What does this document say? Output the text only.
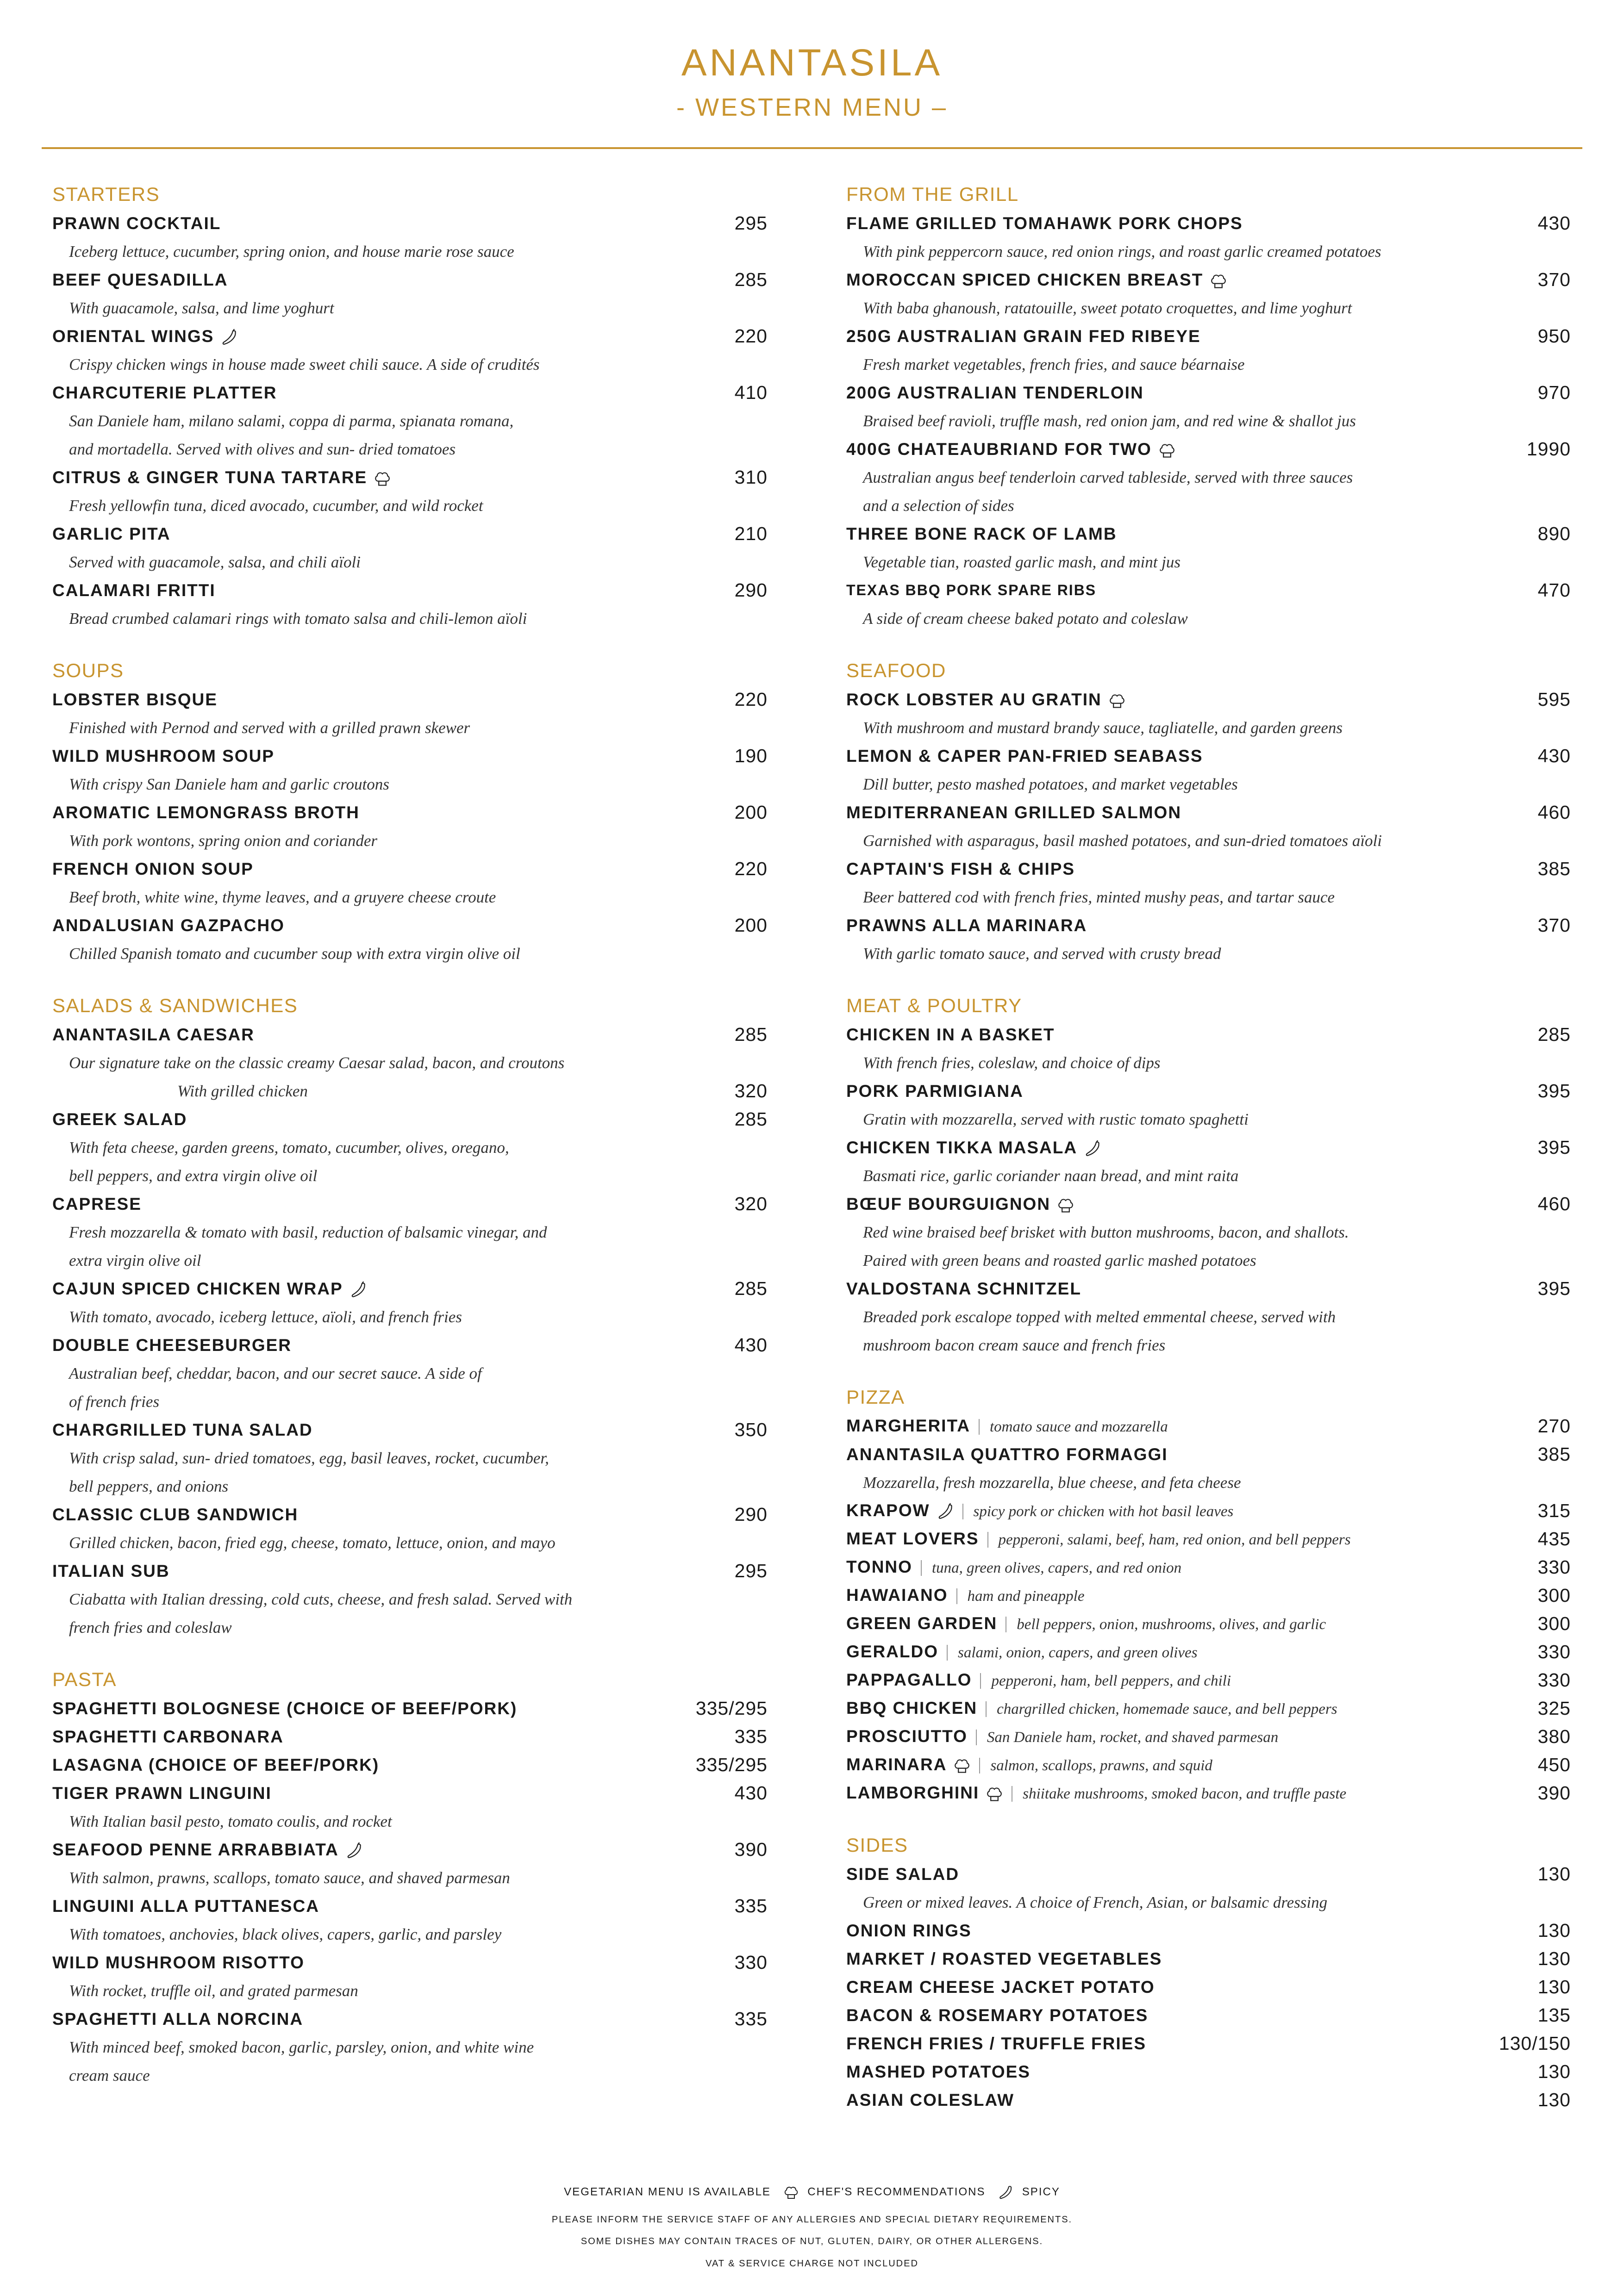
ANANTASILA
- WESTERN MENU –
STARTERS
PRAWN COCKTAIL	295
Iceberg lettuce, cucumber, spring onion, and house marie rose sauce
BEEF QUESADILLA	285
With guacamole, salsa, and lime yoghurt
ORIENTAL WINGS	220
Crispy chicken wings in house made sweet chili sauce. A side of crudités
CHARCUTERIE PLATTER	410
San Daniele ham, milano salami, coppa di parma, spianata romana,
and mortadella. Served with olives and sun- dried tomatoes
CITRUS & GINGER TUNA TARTARE	310
Fresh yellowfin tuna, diced avocado, cucumber, and wild rocket
GARLIC PITA	210
Served with guacamole, salsa, and chili aïoli
CALAMARI FRITTI	290
Bread crumbed calamari rings with tomato salsa and chili-lemon aïoli
SOUPS
LOBSTER BISQUE	220
Finished with Pernod and served with a grilled prawn skewer
WILD MUSHROOM SOUP	190
With crispy San Daniele ham and garlic croutons
AROMATIC LEMONGRASS BROTH	200
With pork wontons, spring onion and coriander
FRENCH ONION SOUP	220
Beef broth, white wine, thyme leaves, and a gruyere cheese croute
ANDALUSIAN GAZPACHO	200
Chilled Spanish tomato and cucumber soup with extra virgin olive oil
SALADS & SANDWICHES
ANANTASILA CAESAR	285
Our signature take on the classic creamy Caesar salad, bacon, and croutons
With grilled chicken	320
GREEK SALAD	285
With feta cheese, garden greens, tomato, cucumber, olives, oregano,
bell peppers, and extra virgin olive oil
CAPRESE	320
Fresh mozzarella & tomato with basil, reduction of balsamic vinegar, and
extra virgin olive oil
CAJUN SPICED CHICKEN WRAP	285
With tomato, avocado, iceberg lettuce, aïoli, and french fries
DOUBLE CHEESEBURGER	430
Australian beef, cheddar, bacon, and our secret sauce. A side of
of french fries
CHARGRILLED TUNA SALAD	350
With crisp salad, sun- dried tomatoes, egg, basil leaves, rocket, cucumber,
bell peppers, and onions
CLASSIC CLUB SANDWICH	290
Grilled chicken, bacon, fried egg, cheese, tomato, lettuce, onion, and mayo
ITALIAN SUB	295
Ciabatta with Italian dressing, cold cuts, cheese, and fresh salad. Served with
french fries and coleslaw
PASTA
SPAGHETTI BOLOGNESE (CHOICE OF BEEF/PORK)	335/295
SPAGHETTI CARBONARA	335
LASAGNA (CHOICE OF BEEF/PORK)	335/295
TIGER PRAWN LINGUINI	430
With Italian basil pesto, tomato coulis, and rocket
SEAFOOD PENNE ARRABBIATA	390
With salmon, prawns, scallops, tomato sauce, and shaved parmesan
LINGUINI ALLA PUTTANESCA	335
With tomatoes, anchovies, black olives, capers, garlic, and parsley
WILD MUSHROOM RISOTTO	330
With rocket, truffle oil, and grated parmesan
SPAGHETTI ALLA NORCINA	335
With minced beef, smoked bacon, garlic, parsley, onion, and white wine
cream sauce
FROM THE GRILL
FLAME GRILLED TOMAHAWK PORK CHOPS	430
With pink peppercorn sauce, red onion rings, and roast garlic creamed potatoes
MOROCCAN SPICED CHICKEN BREAST	370
With baba ghanoush, ratatouille, sweet potato croquettes, and lime yoghurt
250G AUSTRALIAN GRAIN FED RIBEYE	950
Fresh market vegetables, french fries, and sauce béarnaise
200G AUSTRALIAN TENDERLOIN	970
Braised beef ravioli, truffle mash, red onion jam, and red wine & shallot jus
400G CHATEAUBRIAND FOR TWO	1990
Australian angus beef tenderloin carved tableside, served with three sauces
and a selection of sides
THREE BONE RACK OF LAMB	890
Vegetable tian, roasted garlic mash, and mint jus
TEXAS BBQ PORK SPARE RIBS	470
A side of cream cheese baked potato and coleslaw
SEAFOOD
ROCK LOBSTER AU GRATIN	595
With mushroom and mustard brandy sauce, tagliatelle, and garden greens
LEMON & CAPER PAN-FRIED SEABASS	430
Dill butter, pesto mashed potatoes, and market vegetables
MEDITERRANEAN GRILLED SALMON	460
Garnished with asparagus, basil mashed potatoes, and sun-dried tomatoes aïoli
CAPTAIN'S FISH & CHIPS	385
Beer battered cod with french fries, minted mushy peas, and tartar sauce
PRAWNS ALLA MARINARA	370
With garlic tomato sauce, and served with crusty bread
MEAT & POULTRY
CHICKEN IN A BASKET	285
With french fries, coleslaw, and choice of dips
PORK PARMIGIANA	395
Gratin with mozzarella, served with rustic tomato spaghetti
CHICKEN TIKKA MASALA	395
Basmati rice, garlic coriander naan bread, and mint raita
BŒUF BOURGUIGNON	460
Red wine braised beef brisket with button mushrooms, bacon, and shallots.
Paired with green beans and roasted garlic mashed potatoes
VALDOSTANA SCHNITZEL	395
Breaded pork escalope topped with melted emmental cheese, served with
mushroom bacon cream sauce and french fries
PIZZA
MARGHERITA tomato sauce and mozzarella	270
ANANTASILA QUATTRO FORMAGGI	385
Mozzarella, fresh mozzarella, blue cheese, and feta cheese
KRAPOW	spicy pork or chicken with hot basil leaves	315
MEAT LOVERS pepperoni, salami, beef, ham, red onion, and bell peppers	435
TONNO tuna, green olives, capers, and red onion	330
HAWAIANO ham and pineapple	300
GREEN GARDEN bell peppers, onion, mushrooms, olives, and garlic	300
GERALDO salami, onion, capers, and green olives	330
PAPPAGALLO pepperoni, ham, bell peppers, and chili	330
BBQ CHICKEN chargrilled chicken, homemade sauce, and bell peppers	325
PROSCIUTTO San Daniele ham, rocket, and shaved parmesan	380
MARINARA	salmon, scallops, prawns, and squid	450
LAMBORGHINI	shiitake mushrooms, smoked bacon, and truffle paste	390
SIDES
SIDE SALAD	130
Green or mixed leaves. A choice of French, Asian, or balsamic dressing
ONION RINGS	130
MARKET / ROASTED VEGETABLES	130
CREAM CHEESE JACKET POTATO	130
BACON & ROSEMARY POTATOES	135
FRENCH FRIES / TRUFFLE FRIES	130/150
MASHED POTATOES	130
ASIAN COLESLAW	130
VEGETARIAN MENU IS AVAILABLE	CHEF'S RECOMMENDATIONS	SPICY
PLEASE INFORM THE SERVICE STAFF OF ANY ALLERGIES AND SPECIAL DIETARY REQUIREMENTS.
SOME DISHES MAY CONTAIN TRACES OF NUT, GLUTEN, DAIRY, OR OTHER ALLERGENS.
VAT & SERVICE CHARGE NOT INCLUDED
